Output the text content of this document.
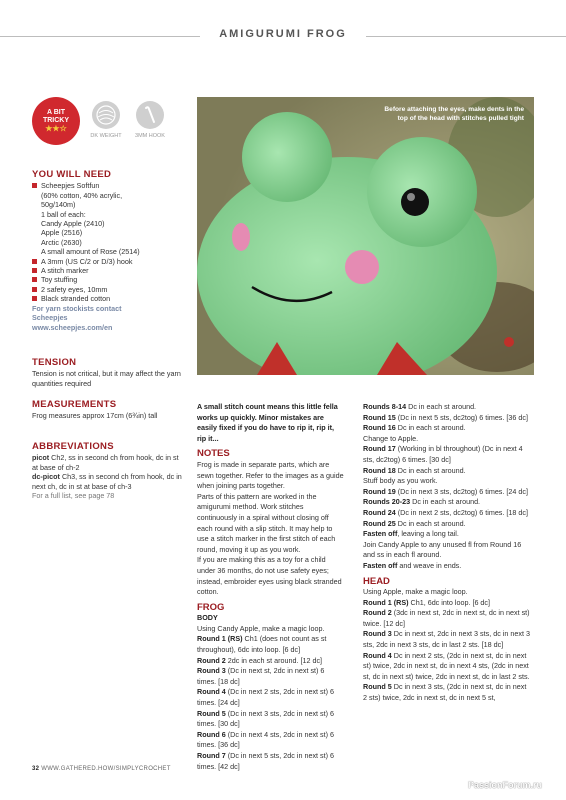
AMIGURUMI FROG
A BIT
TRICKY
★★☆
DK WEIGHT 3MM HOOK
YOU WILL NEED
Scheepjes Softfun
(60% cotton, 40% acrylic,
50g/140m)
1 ball of each:
Candy Apple (2410)
Apple (2516)
Arctic (2630)
A small amount of Rose (2514)
A 3mm (US C/2 or D/3) hook
A stitch marker
Toy stuffing
2 safety eyes, 10mm
Black stranded cotton
For yarn stockists contact
Scheepjes
www.scheepjes.com/en
TENSION
Tension is not critical, but it may affect the yarn quantities required
MEASUREMENTS
Frog measures approx 17cm (6¾in) tall
ABBREVIATIONS
picot Ch2, ss in second ch from hook, dc in st at base of ch-2
dc-picot Ch3, ss in second ch from hook, dc in next ch, dc in st at base of ch-3
For a full list, see page 78
Before attaching the eyes, make dents in the top of the head with stitches pulled tight
A small stitch count means this little fella works up quickly. Minor mistakes are easily fixed if you do have to rip it, rip it, rip it...
NOTES
Frog is made in separate parts, which are sewn together. Refer to the images as a guide when joining parts together.
Parts of this pattern are worked in the amigurumi method. Work stitches continuously in a spiral without closing off each round with a slip stitch. It may help to use a stitch marker in the first stitch of each round, moving it up as you work.
If you are making this as a toy for a child under 36 months, do not use safety eyes; instead, embroider eyes using black stranded cotton.
FROG
BODY
Using Candy Apple, make a magic loop.
Round 1 (RS) Ch1 (does not count as st throughout), 6dc into loop. [6 dc]
Round 2 2dc in each st around. [12 dc]
Round 3 (Dc in next st, 2dc in next st) 6 times. [18 dc]
Round 4 (Dc in next 2 sts, 2dc in next st) 6 times. [24 dc]
Round 5 (Dc in next 3 sts, 2dc in next st) 6 times. [30 dc]
Round 6 (Dc in next 4 sts, 2dc in next st) 6 times. [36 dc]
Round 7 (Dc in next 5 sts, 2dc in next st) 6 times. [42 dc]
Rounds 8-14 Dc in each st around.
Round 15 (Dc in next 5 sts, dc2tog) 6 times. [36 dc]
Round 16 Dc in each st around.
Change to Apple.
Round 17 (Working in bl throughout) (Dc in next 4 sts, dc2tog) 6 times. [30 dc]
Round 18 Dc in each st around.
Stuff body as you work.
Round 19 (Dc in next 3 sts, dc2tog) 6 times. [24 dc]
Rounds 20-23 Dc in each st around.
Round 24 (Dc in next 2 sts, dc2tog) 6 times. [18 dc]
Round 25 Dc in each st around.
Fasten off, leaving a long tail.
Join Candy Apple to any unused fl from Round 16 and ss in each fl around.
Fasten off and weave in ends.
HEAD
Using Apple, make a magic loop.
Round 1 (RS) Ch1, 6dc into loop. [6 dc]
Round 2 (3dc in next st, 2dc in next st, dc in next st) twice. [12 dc]
Round 3 Dc in next st, 2dc in next 3 sts, dc in next 3 sts, 2dc in next 3 sts, dc in last 2 sts. [18 dc]
Round 4 Dc in next 2 sts, (2dc in next st, dc in next st) twice, 2dc in next st, dc in next 4 sts, (2dc in next st, dc in next st) twice, 2dc in next st, dc in last 2 sts.
Round 5 Dc in next 3 sts, (2dc in next st, dc in next 2 sts) twice, 2dc in next st, dc in next 5 st,
32 WWW.GATHERED.HOW/SIMPLYCROCHET
PassionForum.ru
